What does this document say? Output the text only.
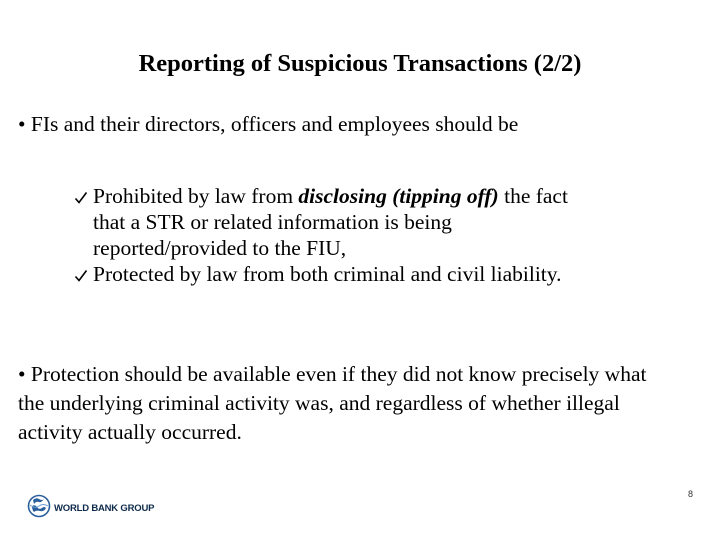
Reporting of Suspicious Transactions (2/2)
• FIs and their directors, officers and employees should be
Prohibited by law from disclosing (tipping off) the fact
that a STR or related information is being
reported/provided to the FIU,
Protected by law from both criminal and civil liability.
• Protection should be available even if they did not know precisely what the underlying criminal activity was, and regardless of whether illegal activity actually occurred.
8
WORLD BANK GROUP
